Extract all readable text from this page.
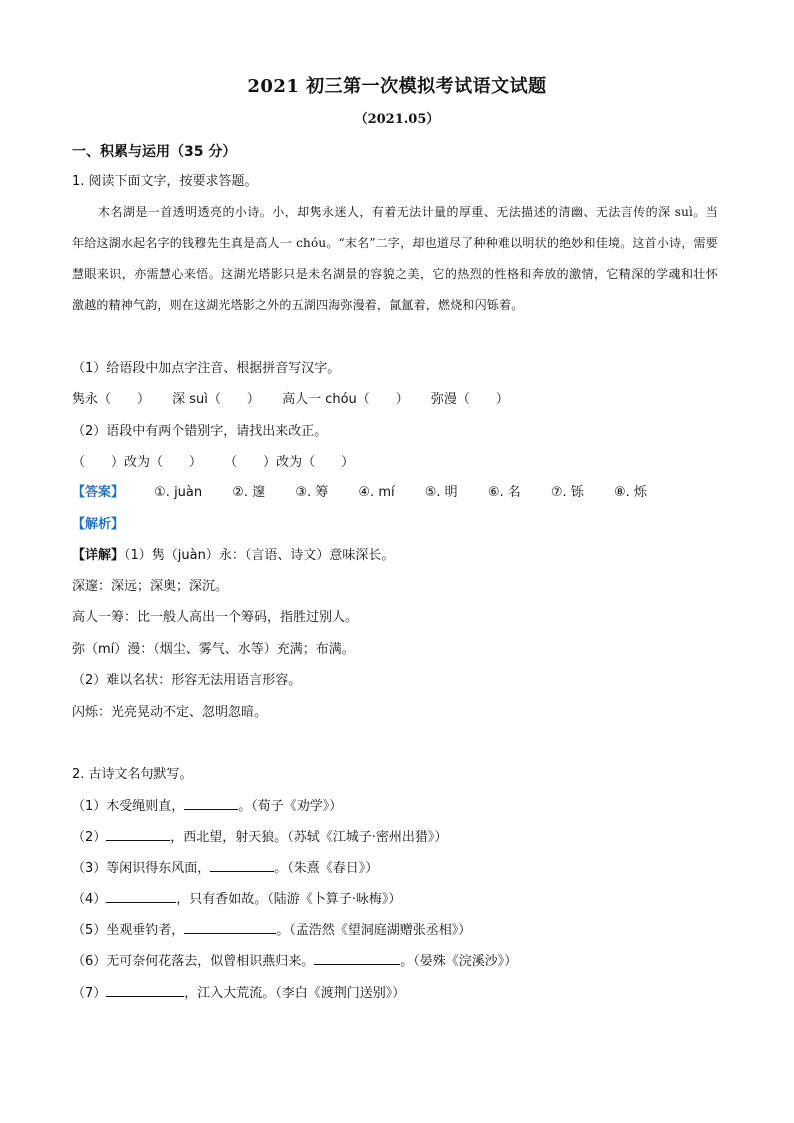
2021 初三第一次模拟考试语文试题
（2021.05）
一、积累与运用（35 分）
1. 阅读下面文字，按要求答题。
木名湖是一首透明透亮的小诗。小，却隽永迷人，有着无法计量的厚重、无法描述的清幽、无法言传的深 suì。当年给这湖水起名字的钱穆先生真是高人一 chóu。“末名”二字，却也道尽了种种难以明状的绝妙和佳境。这首小诗，需要慧眼来识，亦需慧心来悟。这湖光塔影只是未名湖景的容貌之美，它的热烈的性格和奔放的激情，它精深的学魂和壮怀激越的精神气韵，则在这湖光塔影之外的五湖四海弥漫着，氤氲着，燃烧和闪铄着。
（1）给语段中加点字注音、根据拼音写汉字。
隽永（　　） 深 suì（　　） 高人一 chóu（　　） 弥漫（　　）
（2）语段中有两个错别字，请找出来改正。
（　　）改为（　　） （　　）改为（　　）
【答案】 ①. juàn ②. 邃 ③. 筹 ④. mí ⑤. 明 ⑥. 名 ⑦. 铄 ⑧. 烁
【解析】
【详解】（1）隽（juàn）永：（言语、诗文）意味深长。
深邃：深远；深奥；深沉。
高人一筹：比一般人高出一个筹码，指胜过别人。
弥（mí）漫：（烟尘、雾气、水等）充满；布满。
（2）难以名状：形容无法用语言形容。
闪烁：光亮晃动不定、忽明忽暗。
2. 古诗文名句默写。
（1）木受绳则直，	。（荀子《劝学》）
（2）	，西北望，射天狼。（苏轼《江城子·密州出猎》）
（3）等闲识得东风面，	。（朱熹《春日》）
（4）	，只有香如故。（陆游《卜算子·咏梅》）
（5）坐观垂钓者，	。（孟浩然《望洞庭湖赠张丞相》）
（6）无可奈何花落去，似曾相识燕归来。	。（晏殊《浣溪沙》）
（7）	，江入大荒流。（李白《渡荆门送别》）
